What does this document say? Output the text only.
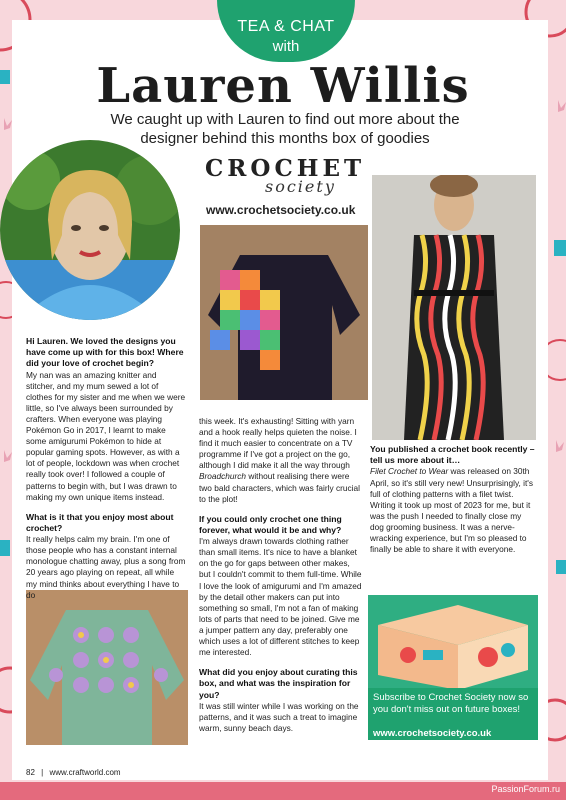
TEA & CHAT
with
Lauren Willis
We caught up with Lauren to find out more about the designer behind this months box of goodies
CROCHET
society
www.crochetsociety.co.uk
Hi Lauren. We loved the designs you have come up with for this box! Where did your love of crochet begin?
My nan was an amazing knitter and stitcher, and my mum sewed a lot of clothes for my sister and me when we were little, so I've always been surrounded by crafters. When everyone was playing Pokémon Go in 2017, I learnt to make some amigurumi Pokémon to hide at popular gaming spots. However, as with a lot of people, lockdown was when crochet really took over! I followed a couple of patterns to begin with, but I was drawn to making my own unique items instead.
What is it that you enjoy most about crochet?
It really helps calm my brain. I'm one of those people who has a constant internal monologue chatting away, plus a song from 20 years ago playing on repeat, all while my mind thinks about everything I have to do
this week. It's exhausting! Sitting with yarn and a hook really helps quieten the noise. I find it much easier to concentrate on a TV programme if I've got a project on the go, although I did make it all the way through Broadchurch without realising there were two bald characters, which was fairly crucial to the plot!
If you could only crochet one thing forever, what would it be and why?
I'm always drawn towards clothing rather than small items. It's nice to have a blanket on the go for gaps between other makes, but I couldn't commit to them full-time. While I love the look of amigurumi and I'm amazed by the detail other makers can put into something so small, I'm not a fan of making lots of parts that need to be joined. Give me a jumper pattern any day, preferably one which uses a lot of different stitches to keep me interested.
What did you enjoy about curating this box, and what was the inspiration for you?
It was still winter while I was working on the patterns, and it was such a treat to imagine warm, sunny beach days.
You published a crochet book recently – tell us more about it…
Filet Crochet to Wear was released on 30th April, so it's still very new! Unsurprisingly, it's full of clothing patterns with a filet twist. Writing it took up most of 2023 for me, but it was the push I needed to finally close my dog grooming business. It was a nerve-wracking experience, but I'm so pleased to finally be able to share it with everyone.
Subscribe to Crochet Society now so you don't miss out on future boxes!
www.crochetsociety.co.uk
82 | www.craftworld.com
PassionForum.ru
